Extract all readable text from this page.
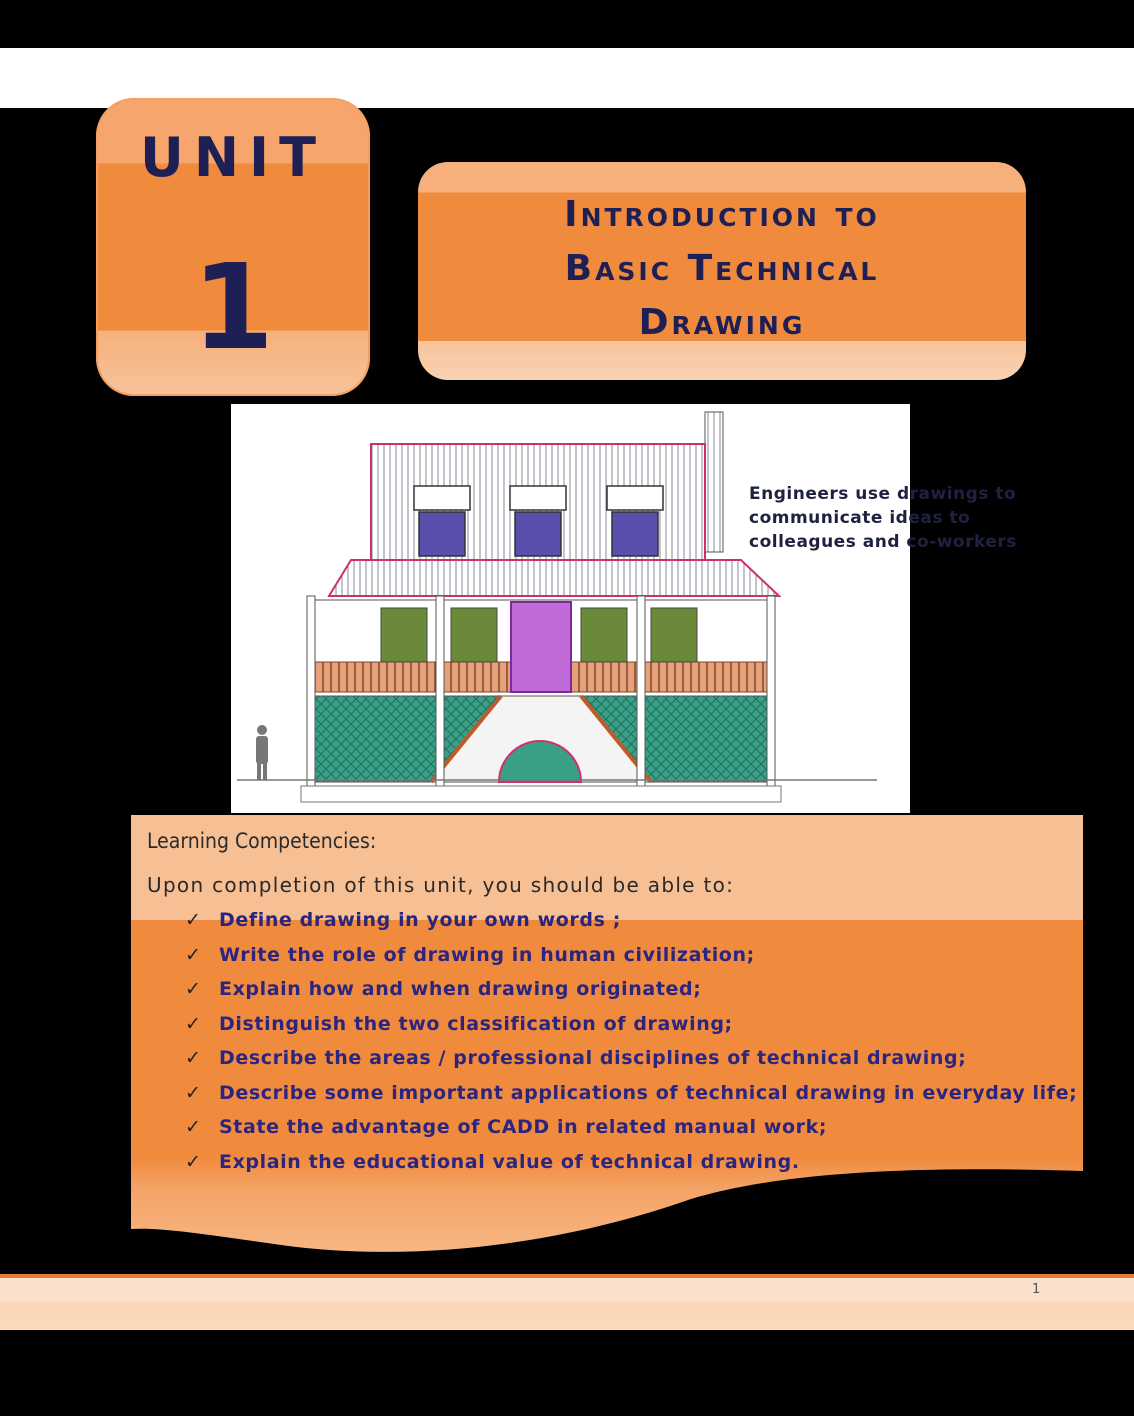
UNIT
1
Introduction to
Basic Technical
Drawing
Engineers use drawings to communicate ideas to colleagues and co-workers
Learning Competencies:
Upon completion of this unit, you should be able to:
✓ Define drawing in your own words ;
✓ Write the role of drawing in human civilization;
✓ Explain how and when drawing originated;
✓ Distinguish the two classification of drawing;
✓ Describe the areas / professional disciplines of technical drawing;
✓ Describe some important applications of technical drawing in everyday life;
✓ State the advantage of CADD in related manual work;
✓ Explain the educational value of technical drawing.
1
